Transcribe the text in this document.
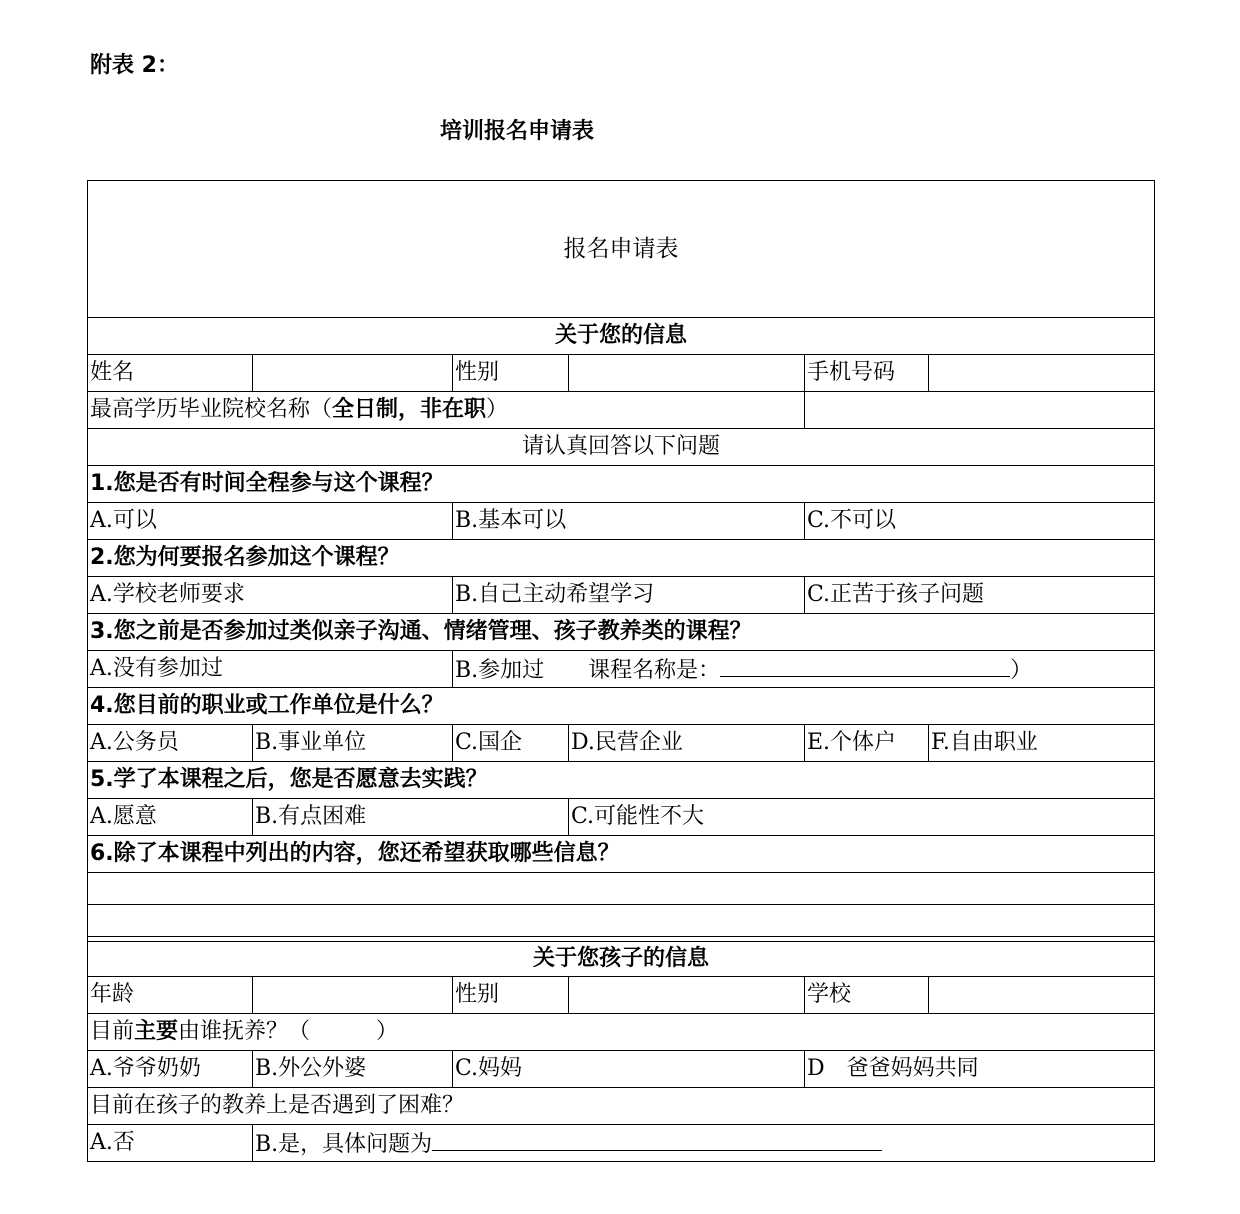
附表 2：
培训报名申请表
报名申请表					
关于您的信息					
姓名		性别		手机号码	
最高学历毕业院校名称（全日制，非在职）					
请认真回答以下问题					
1.您是否有时间全程参与这个课程？					
A.可以		B.基本可以		C.不可以	
2.您为何要报名参加这个课程？					
A.学校老师要求		B.自己主动希望学习		C.正苦于孩子问题	
3.您之前是否参加过类似亲子沟通、情绪管理、孩子教养类的课程？					
A.没有参加过		B.参加过　　课程名称是： ）			
4.您目前的职业或工作单位是什么？					
A.公务员	B.事业单位	C.国企	D.民营企业	E.个体户	F.自由职业
5.学了本课程之后，您是否愿意去实践？					
A.愿意	B.有点困难		C.可能性不大		
6.除了本课程中列出的内容，您还希望获取哪些信息？					

关于您孩子的信息					
年龄		性别		学校	
目前主要由谁抚养？（　　　）					
A.爷爷奶奶	B.外公外婆	C.妈妈		D　爸爸妈妈共同	
目前在孩子的教养上是否遇到了困难？					
A.否	B.是，具体问题为				
